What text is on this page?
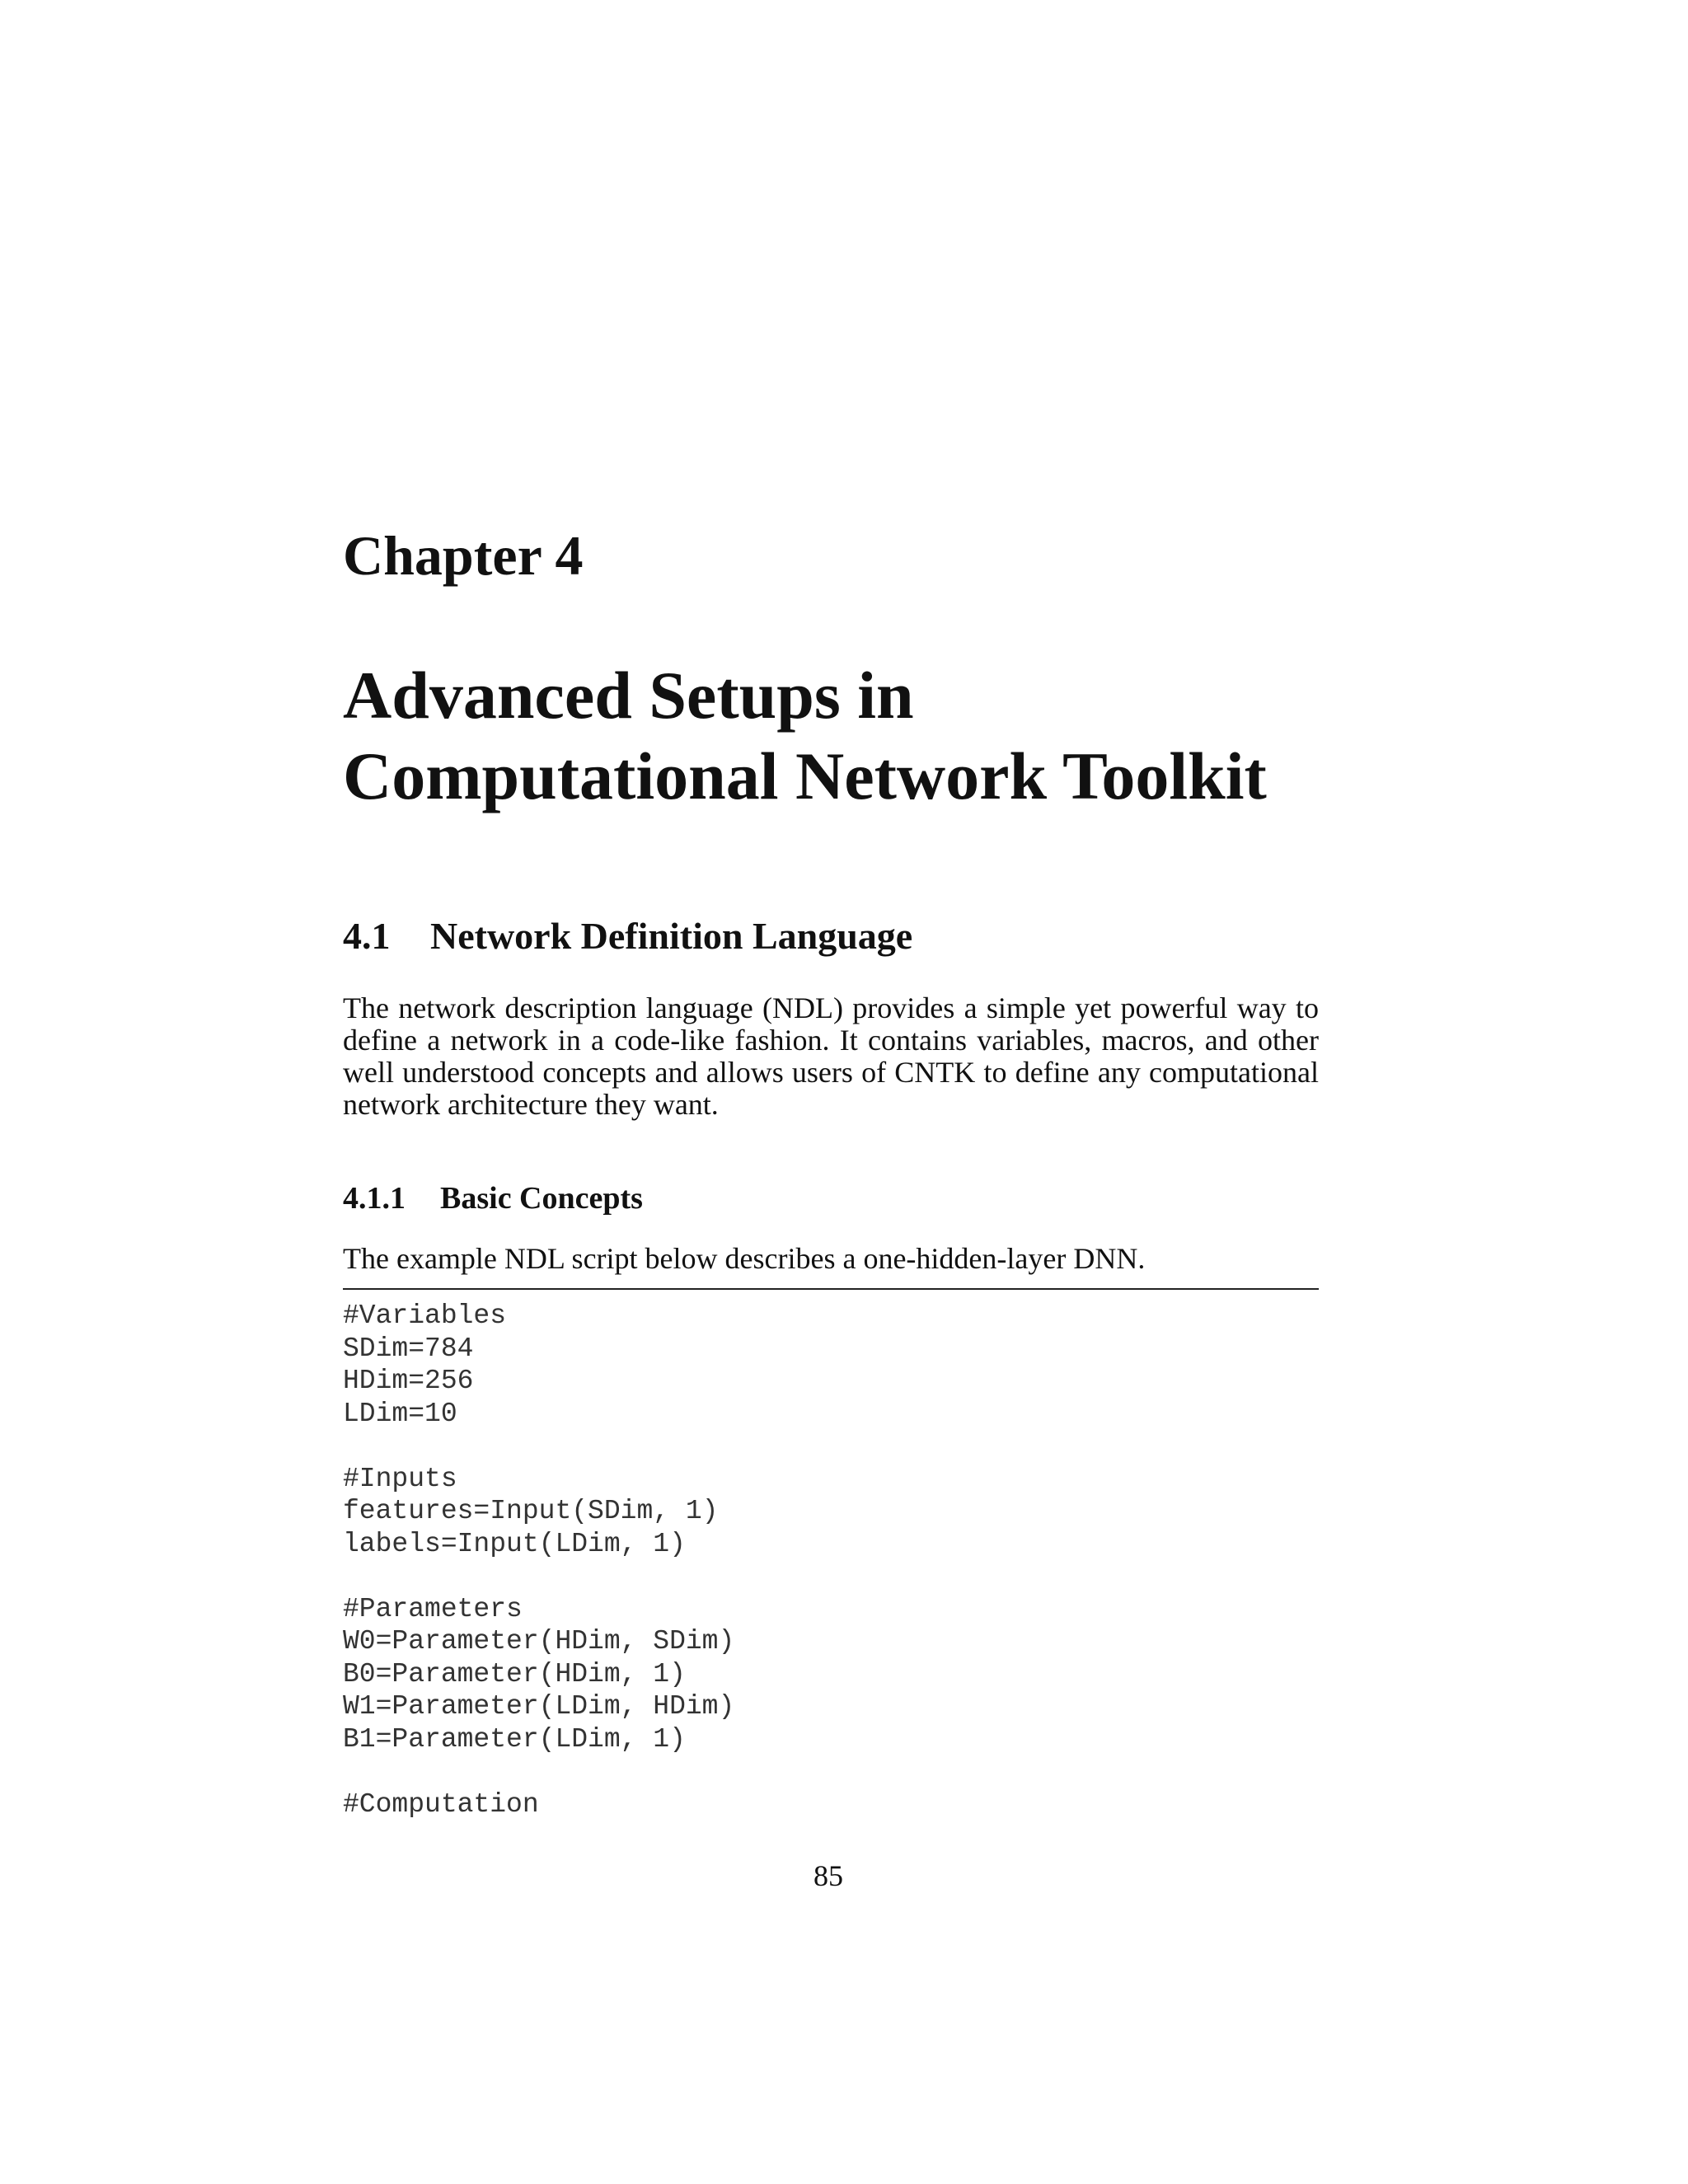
Chapter 4
Advanced Setups in
Computational Network Toolkit
4.1 Network Definition Language

The network description language (NDL) provides a simple yet powerful way to define a network in a code-like fashion. It contains variables, macros, and other well understood concepts and allows users of CNTK to define any computational network architecture they want.

4.1.1 Basic Concepts

The example NDL script below describes a one-hidden-layer DNN.

#Variables
SDim=784
HDim=256
LDim=10
#Inputs
features=Input(SDim, 1)
labels=Input(LDim, 1)
#Parameters
W0=Parameter(HDim, SDim)
B0=Parameter(HDim, 1)
W1=Parameter(LDim, HDim)
B1=Parameter(LDim, 1)
#Computation

85
